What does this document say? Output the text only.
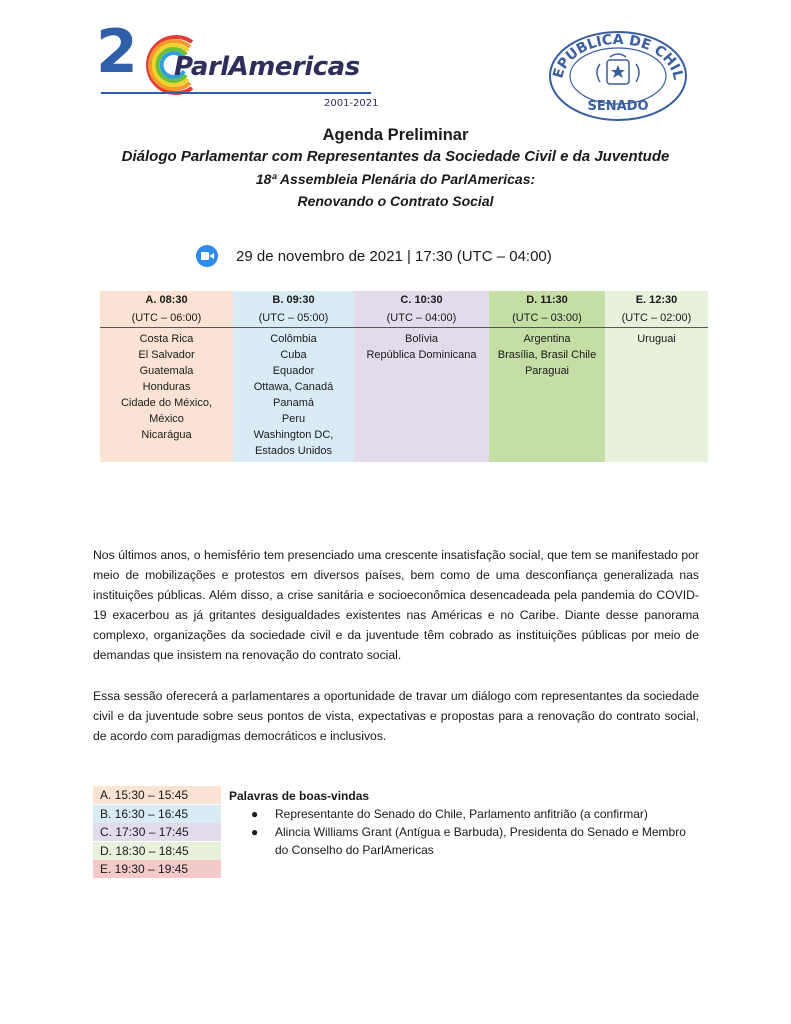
2 ParlAmericas
2001-2021
EPUBLICA DE CHIL
SENADO

Agenda Preliminar

Diálogo Parlamentar com Representantes da Sociedade Civil e da Juventude

18ª Assembleia Plenária do ParlAmericas:

Renovando o Contrato Social

29 de novembro de 2021 | 17:30 (UTC – 04:00)
A. 08:30
(UTC – 06:00)
Costa Rica
El Salvador
Guatemala
Honduras
Cidade do México,
México
Nicarágua
B. 09:30
(UTC – 05:00)
Colômbia
Cuba
Equador
Ottawa, Canadá
Panamá
Peru
Washington DC,
Estados Unidos
C. 10:30
(UTC – 04:00)
Bolívia
República Dominicana
D. 11:30
(UTC – 03:00)
Argentina
Brasília, Brasil Chile
Paraguai
E. 12:30
(UTC – 02:00)
Uruguai

Nos últimos anos, o hemisfério tem presenciado uma crescente insatisfação social, que tem se manifestado por meio de mobilizações e protestos em diversos países, bem como de uma desconfiança generalizada nas instituições públicas. Além disso, a crise sanitária e socioeconômica desencadeada pela pandemia do COVID-19 exacerbou as já gritantes desigualdades existentes nas Américas e no Caribe. Diante desse panorama complexo, organizações da sociedade civil e da juventude têm cobrado as instituições públicas por meio de demandas que insistem na renovação do contrato social.

Essa sessão oferecerá a parlamentares a oportunidade de travar um diálogo com representantes da sociedade civil e da juventude sobre seus pontos de vista, expectativas e propostas para a renovação do contrato social, de acordo com paradigmas democráticos e inclusivos.

A. 15:30 – 15:45
B. 16:30 – 16:45
C. 17:30 – 17:45
D. 18:30 – 18:45
E. 19:30 – 19:45
Palavras de boas-vindas
● Representante do Senado do Chile, Parlamento anfitrião (a confirmar)
● Alincia Williams Grant (Antígua e Barbuda), Presidenta do Senado e Membro do Conselho do ParlAmericas
